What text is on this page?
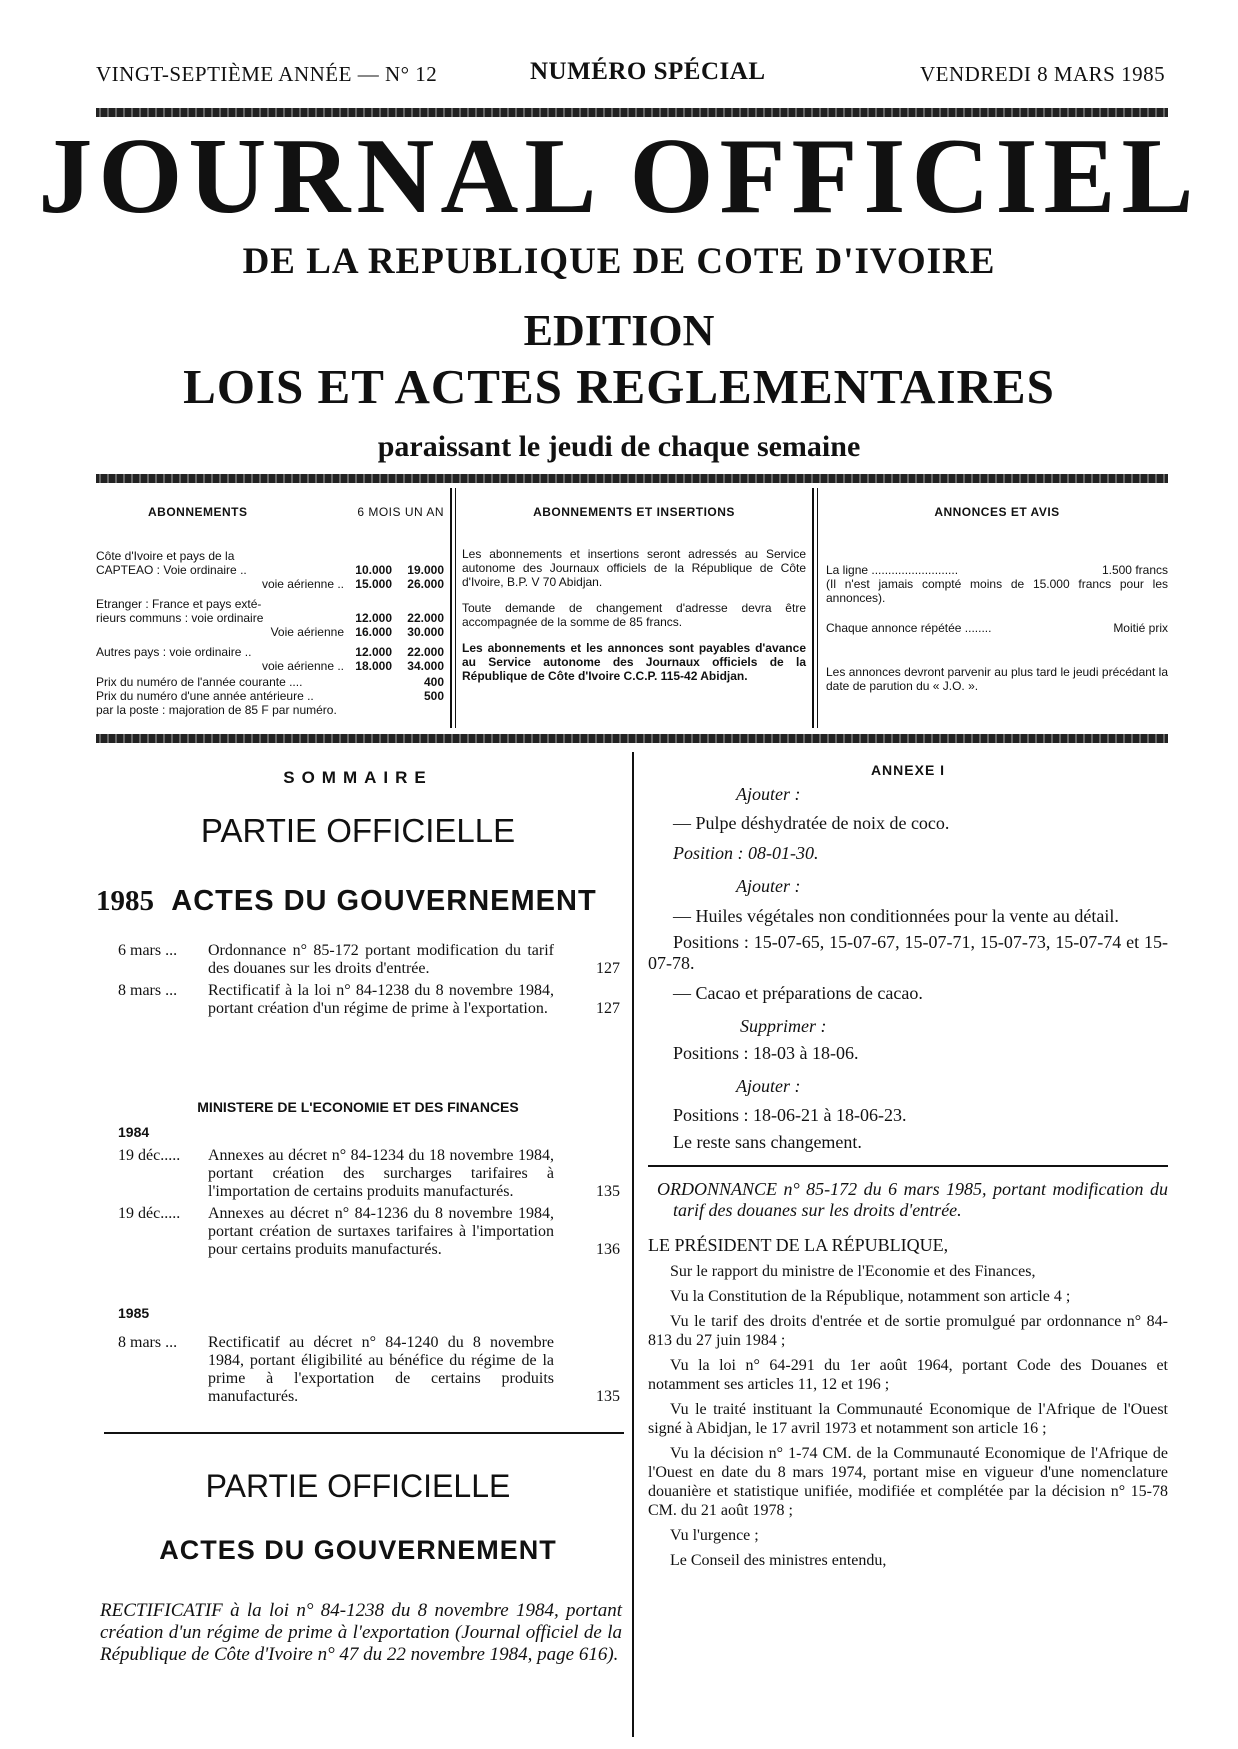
VINGT-SEPTIÈME ANNÉE — N° 12	NUMÉRO SPÉCIAL	VENDREDI 8 MARS 1985
JOURNAL OFFICIEL
DE LA REPUBLIQUE DE COTE D'IVOIRE
EDITION
LOIS ET ACTES REGLEMENTAIRES
paraissant le jeudi de chaque semaine
ABONNEMENTS	6 MOIS UN AN
Côte d'Ivoire et pays de la
CAPTEAO : Voie ordinaire ..	10.000	19.000
voie aérienne .. 15.000	26.000
Etranger : France et pays exté-
rieurs communs : voie ordinaire	12.000	22.000
Voie aérienne 16.000	30.000
Autres pays : voie ordinaire ..	12.000	22.000
voie aérienne .. 18.000	34.000
Prix du numéro de l'année courante ....	400
Prix du numéro d'une année antérieure ..	500
par la poste : majoration de 85 F par numéro.
ABONNEMENTS ET INSERTIONS
Les abonnements et insertions seront adressés au Service autonome des Journaux officiels de la République de Côte d'Ivoire, B.P. V 70 Abidjan.
Toute demande de changement d'adresse devra être accompagnée de la somme de 85 francs.
Les abonnements et les annonces sont payables d'avance au Service autonome des Journaux officiels de la République de Côte d'Ivoire C.C.P. 115-42 Abidjan.
ANNONCES ET AVIS
La ligne ..........................	1.500 francs
(Il n'est jamais compté moins de 15.000 francs pour les annonces).
Chaque annonce répétée ........	Moitié prix
Les annonces devront parvenir au plus tard le jeudi précédant la date de parution du « J.O. ».
SOMMAIRE
PARTIE OFFICIELLE
1985 ACTES DU GOUVERNEMENT
6 mars ...	Ordonnance n° 85-172 portant modification du tarif des douanes sur les droits d'entrée.	127
8 mars ...	Rectificatif à la loi n° 84-1238 du 8 novembre 1984, portant création d'un régime de prime à l'exportation.	127
MINISTERE DE L'ECONOMIE ET DES FINANCES
1984
19 déc.....	Annexes au décret n° 84-1234 du 18 novembre 1984, portant création des surcharges tarifaires à l'importation de certains produits manufacturés.	135
19 déc.....	Annexes au décret n° 84-1236 du 8 novembre 1984, portant création de surtaxes tarifaires à l'importation pour certains produits manufacturés.	136
1985
8 mars ...	Rectificatif au décret n° 84-1240 du 8 novembre 1984, portant éligibilité au bénéfice du régime de la prime à l'exportation de certains produits manufacturés.	135
PARTIE OFFICIELLE
ACTES DU GOUVERNEMENT
RECTIFICATIF à la loi n° 84-1238 du 8 novembre 1984, portant création d'un régime de prime à l'exportation (Journal officiel de la République de Côte d'Ivoire n° 47 du 22 novembre 1984, page 616).
ANNEXE I

Ajouter :

— Pulpe déshydratée de noix de coco.

Position : 08-01-30.

Ajouter :

— Huiles végétales non conditionnées pour la vente au détail.

Positions : 15-07-65, 15-07-67, 15-07-71, 15-07-73, 15-07-74 et 15-07-78.

— Cacao et préparations de cacao.

Supprimer :

Positions : 18-03 à 18-06.

Ajouter :

Positions : 18-06-21 à 18-06-23.

Le reste sans changement.

ORDONNANCE n° 85-172 du 6 mars 1985, portant modification du tarif des douanes sur les droits d'entrée.

LE PRÉSIDENT DE LA RÉPUBLIQUE,

Sur le rapport du ministre de l'Economie et des Finances,

Vu la Constitution de la République, notamment son article 4 ;

Vu le tarif des droits d'entrée et de sortie promulgué par ordonnance n° 84-813 du 27 juin 1984 ;

Vu la loi n° 64-291 du 1er août 1964, portant Code des Douanes et notamment ses articles 11, 12 et 196 ;

Vu le traité instituant la Communauté Economique de l'Afrique de l'Ouest signé à Abidjan, le 17 avril 1973 et notamment son article 16 ;

Vu la décision n° 1-74 CM. de la Communauté Economique de l'Afrique de l'Ouest en date du 8 mars 1974, portant mise en vigueur d'une nomenclature douanière et statistique unifiée, modifiée et complétée par la décision n° 15-78 CM. du 21 août 1978 ;

Vu l'urgence ;

Le Conseil des ministres entendu,
